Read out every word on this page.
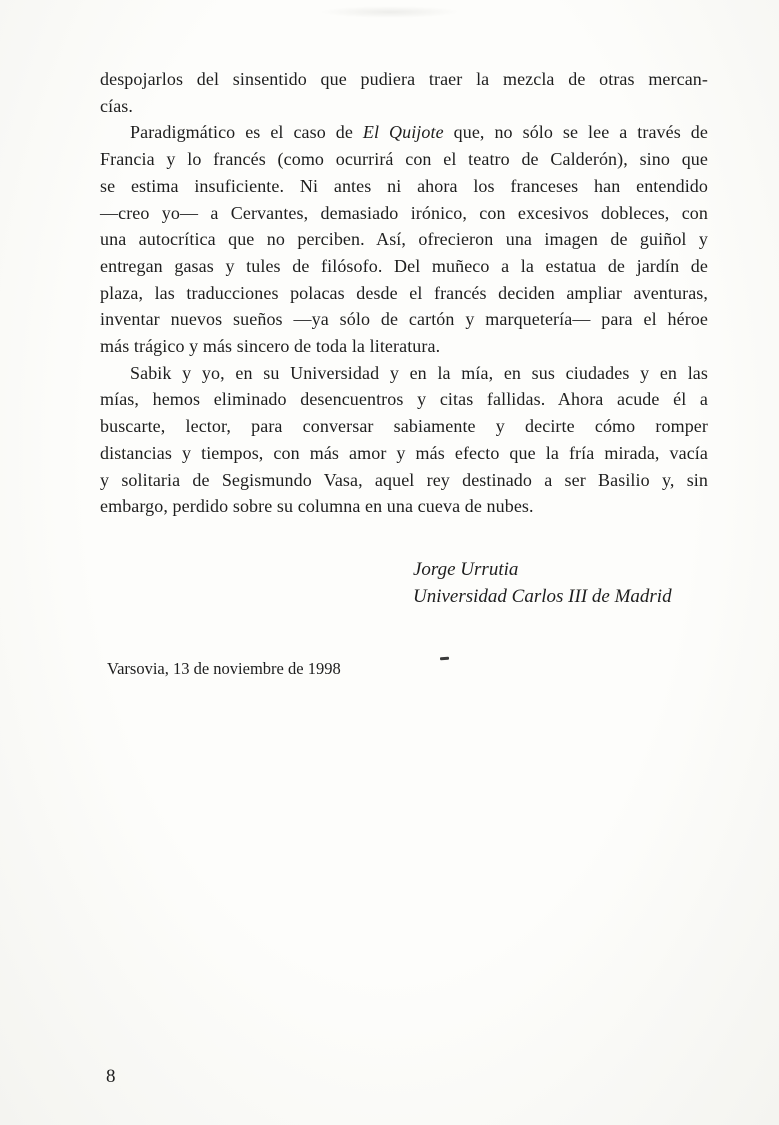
despojarlos del sinsentido que pudiera traer la mezcla de otras mercan-
cías.
Paradigmático es el caso de El Quijote que, no sólo se lee a través de
Francia y lo francés (como ocurrirá con el teatro de Calderón), sino que
se estima insuficiente. Ni antes ni ahora los franceses han entendido
—creo yo— a Cervantes, demasiado irónico, con excesivos dobleces, con
una autocrítica que no perciben. Así, ofrecieron una imagen de guiñol y
entregan gasas y tules de filósofo. Del muñeco a la estatua de jardín de
plaza, las traducciones polacas desde el francés deciden ampliar aventuras,
inventar nuevos sueños —ya sólo de cartón y marquetería— para el héroe
más trágico y más sincero de toda la literatura.
Sabik y yo, en su Universidad y en la mía, en sus ciudades y en las
mías, hemos eliminado desencuentros y citas fallidas. Ahora acude él a
buscarte, lector, para conversar sabiamente y decirte cómo romper
distancias y tiempos, con más amor y más efecto que la fría mirada, vacía
y solitaria de Segismundo Vasa, aquel rey destinado a ser Basilio y, sin
embargo, perdido sobre su columna en una cueva de nubes.
Jorge Urrutia
Universidad Carlos III de Madrid
Varsovia, 13 de noviembre de 1998
8
